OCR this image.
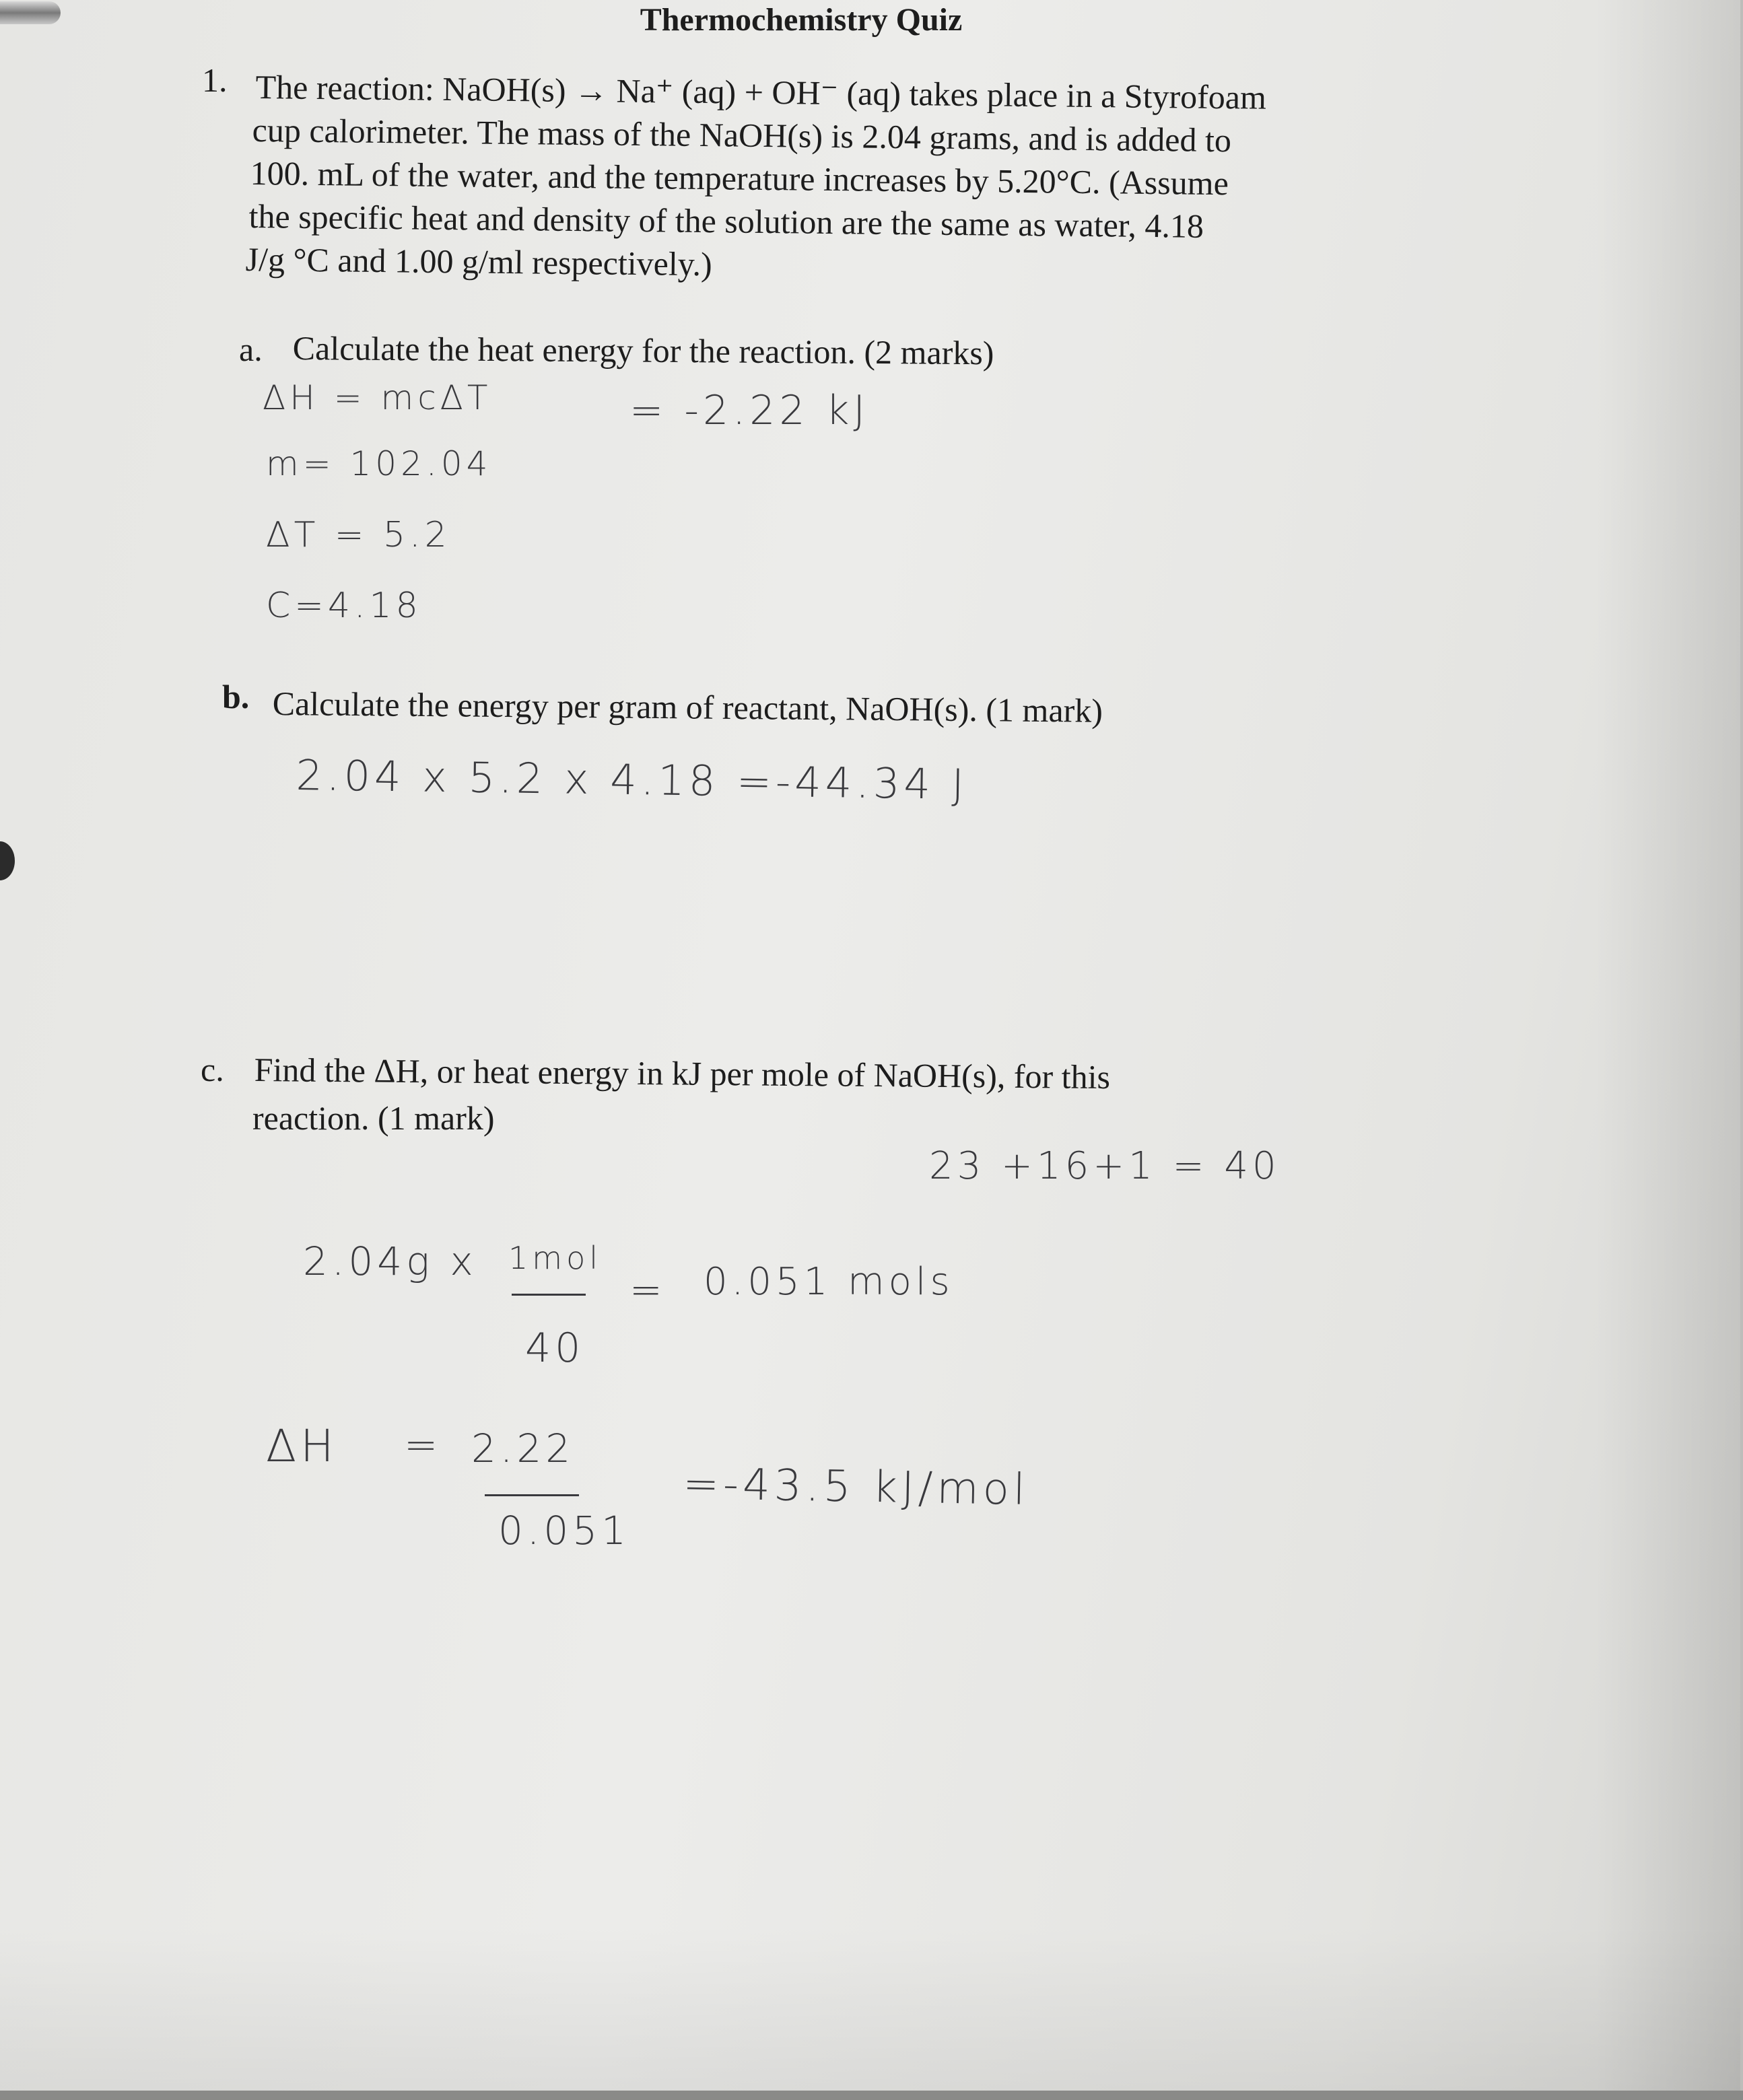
Thermochemistry Quiz
1. The reaction: NaOH(s) → Na⁺ (aq) + OH⁻ (aq) takes place in a Styrofoam
cup calorimeter. The mass of the NaOH(s) is 2.04 grams, and is added to
100. mL of the water, and the temperature increases by 5.20°C. (Assume
the specific heat and density of the solution are the same as water, 4.18
J/g °C and 1.00 g/ml respectively.)
a. Calculate the heat energy for the reaction. (2 marks)
ΔH = mcΔT	= -2.22 kJ
m= 102.04
ΔT = 5.2
C=4.18
b. Calculate the energy per gram of reactant, NaOH(s). (1 mark)
2.04 x 5.2 x 4.18 =-44.34 J
c. Find the ΔH, or heat energy in kJ per mole of NaOH(s), for this
reaction. (1 mark)
23 +16+1 = 40
2.04g x 1mol
40
= 0.051 mols
ΔH = 2.22
0.051
=-43.5 kJ/mol
